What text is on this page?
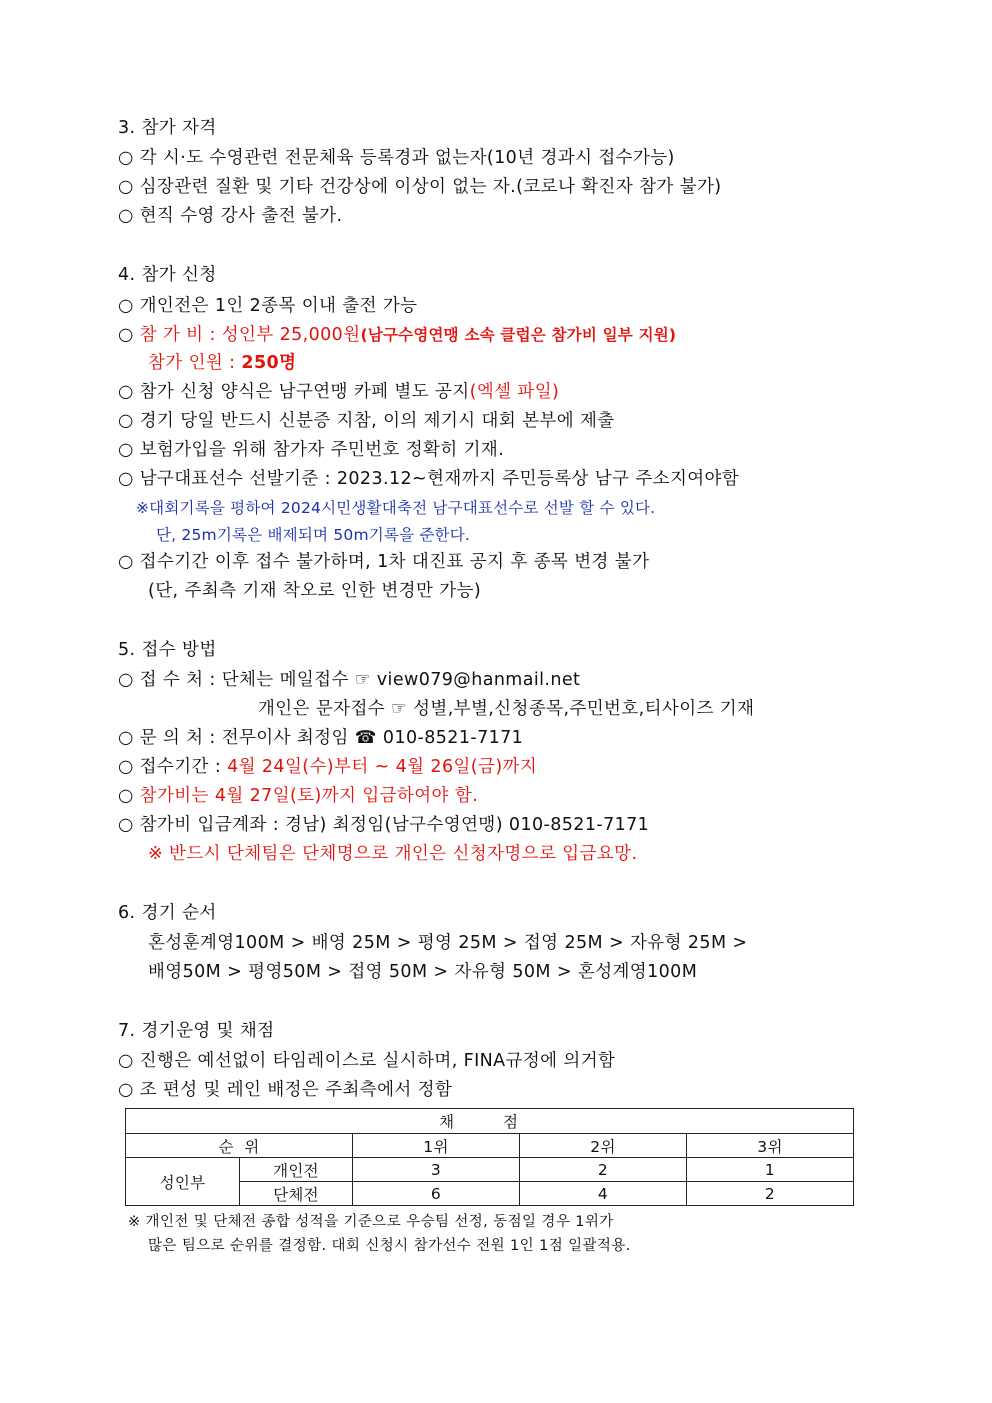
3. 참가 자격
○ 각 시·도 수영관련 전문체육 등록경과 없는자(10년 경과시 접수가능)
○ 심장관련 질환 및 기타 건강상에 이상이 없는 자.(코로나 확진자 참가 불가)
○ 현직 수영 강사 출전 불가.
4. 참가 신청
○ 개인전은 1인 2종목 이내 출전 가능
○ 참 가 비 : 성인부 25,000원(남구수영연맹 소속 클럽은 참가비 일부 지원)
참가 인원 : 250명
○ 참가 신청 양식은 남구연맹 카페 별도 공지(엑셀 파일)
○ 경기 당일 반드시 신분증 지참, 이의 제기시 대회 본부에 제출
○ 보험가입을 위해 참가자 주민번호 정확히 기재.
○ 남구대표선수 선발기준 : 2023.12~현재까지 주민등록상 남구 주소지여야함
※대회기록을 평하여 2024시민생활대축전 남구대표선수로 선발 할 수 있다.
단, 25m기록은 배제되며 50m기록을 준한다.
○ 접수기간 이후 접수 불가하며, 1차 대진표 공지 후 종목 변경 불가
(단, 주최측 기재 착오로 인한 변경만 가능)
5. 접수 방법
○ 접 수 처 : 단체는 메일접수 ☞ view079@hanmail.net
개인은 문자접수 ☞ 성별,부별,신청종목,주민번호,티사이즈 기재
○ 문 의 처 : 전무이사 최정임 ☎ 010-8521-7171
○ 접수기간 : 4월 24일(수)부터 ~ 4월 26일(금)까지
○ 참가비는 4월 27일(토)까지 입금하여야 함.
○ 참가비 입금계좌 : 경남) 최정임(남구수영연맹) 010-8521-7171
※ 반드시 단체팀은 단체명으로 개인은 신청자명으로 입금요망.
6. 경기 순서
혼성훈계영100M > 배영 25M > 평영 25M > 접영 25M > 자유형 25M >
배영50M > 평영50M > 접영 50M > 자유형 50M > 혼성계영100M
7. 경기운영 및 채점
○ 진행은 예선없이 타임레이스로 실시하며, FINA규정에 의거함
○ 조 편성 및 레인 배정은 주최측에서 정함
채 점				
순  위		1위	2위	3위
성인부	개인전	3	2	1
	단체전	6	4	2
※ 개인전 및 단체전 종합 성적을 기준으로 우승팀 선정, 동점일 경우 1위가
많은 팀으로 순위를 결정함. 대회 신청시 참가선수 전원 1인 1점 일괄적용.
